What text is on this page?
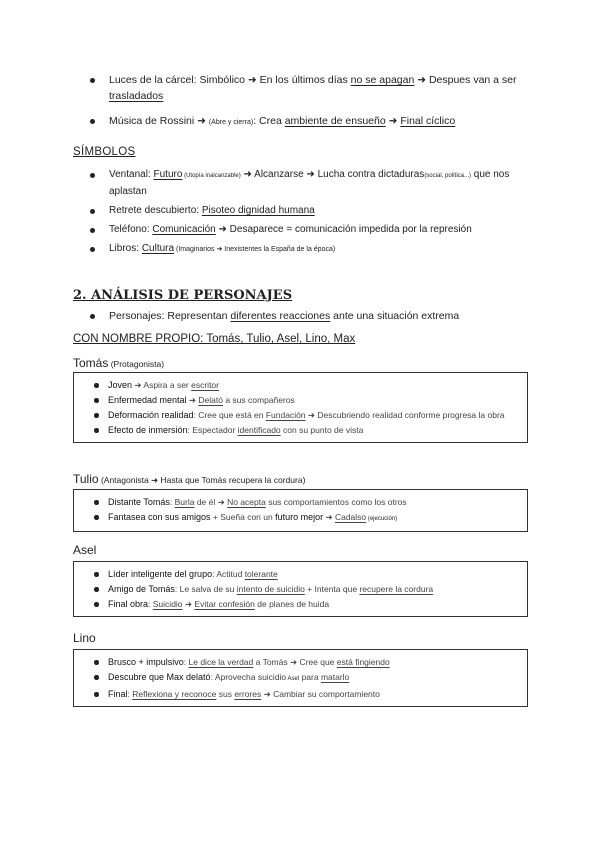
Luces de la cárcel: Simbólico ➜ En los últimos días no se apagan ➜ Despues van a ser trasladados
Música de Rossini ➜ (Abre y cierra): Crea ambiente de ensueño ➜ Final cíclico
SÍMBOLOS
Ventanal: Futuro (Utopía inalcanzable) ➜ Alcanzarse ➜ Lucha contra dictaduras(social, política...) que nos aplastan
Retrete descubierto: Pisoteo dignidad humana
Teléfono: Comunicación ➜ Desaparece = comunicación impedida por la represión
Libros: Cultura (Imaginarios ➜ Inexistentes la España de la época)
2. ANÁLISIS DE PERSONAJES
Personajes: Representan diferentes reacciones ante una situación extrema
CON NOMBRE PROPIO: Tomás, Tulio, Asel, Lino, Max
Tomás (Protagonista)
Joven ➜ Aspira a ser escritor
Enfermedad mental ➜ Delató a sus compañeros
Deformación realidad: Cree que está en Fundación ➜ Descubriendo realidad conforme progresa la obra
Efecto de inmersión: Espectador identificado con su punto de vista
Tulio (Antagonista ➜ Hasta que Tomás recupera la cordura)
Distante Tomás: Burla de él ➜ No acepta sus comportamientos como los otros
Fantasea con sus amigos + Sueña con un futuro mejor ➜ Cadalso (ejecución)
Asel
Líder inteligente del grupo: Actitud tolerante
Amigo de Tomás: Le salva de su intento de suicidio + Intenta que recupere la cordura
Final obra: Suicidio ➜ Evitar confesión de planes de huida
Lino
Brusco + impulsivo: Le dice la verdad a Tomás ➜ Cree que está fingiendo
Descubre que Max delató: Aprovecha suicidio Asel para matarlo
Final: Reflexiona y reconoce sus errores ➜ Cambiar su comportamiento
